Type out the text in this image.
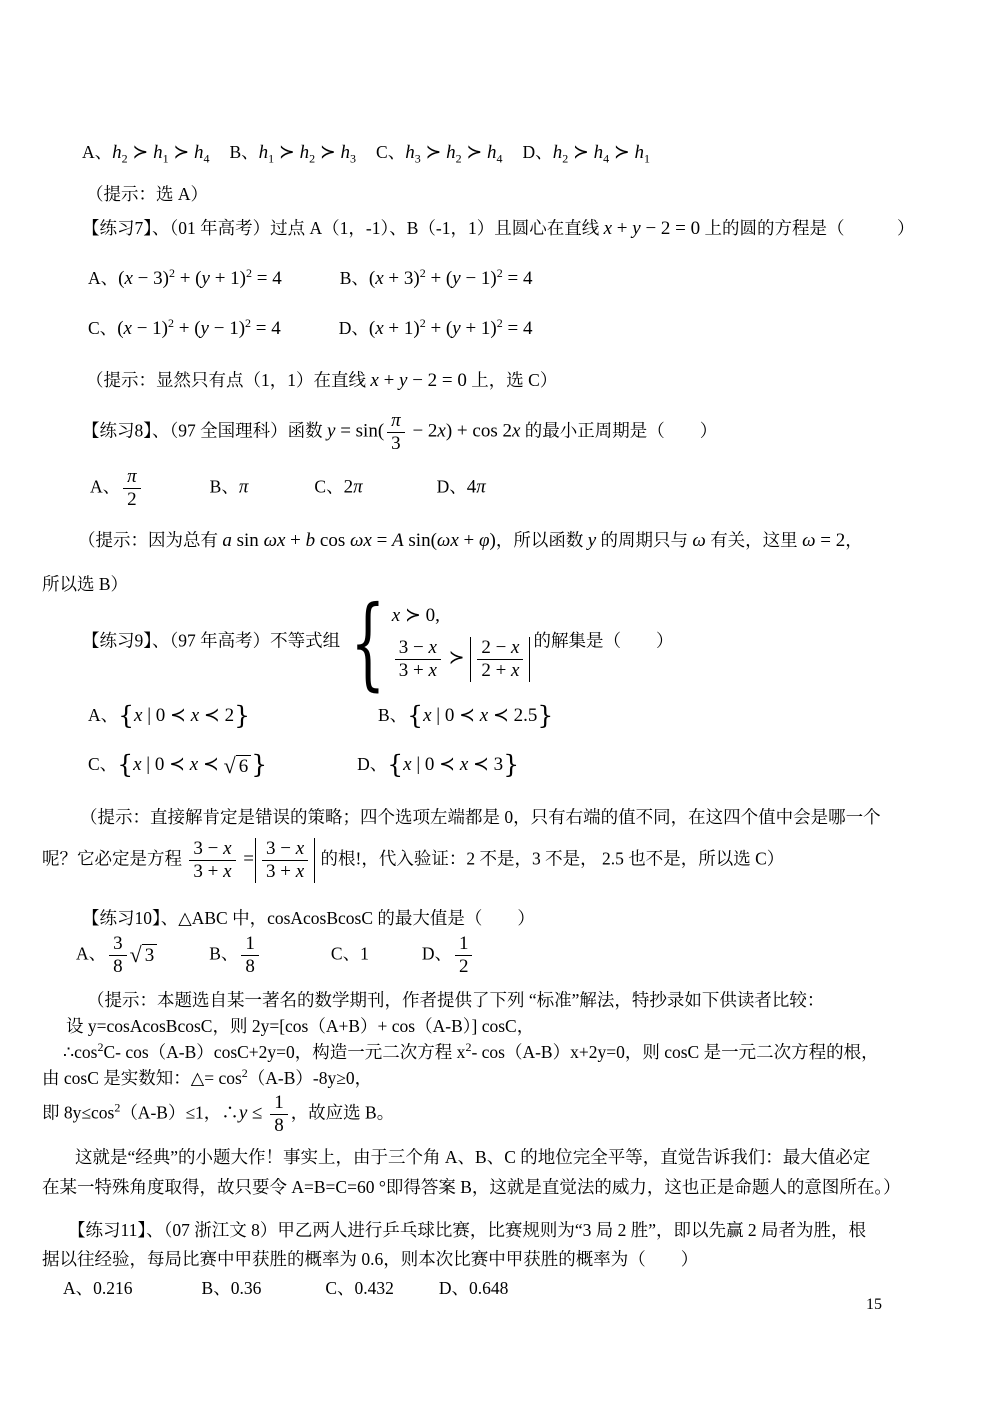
A、$h_2$ ≻ $h_1$ ≻ $h_4$ B、$h_1$ ≻ $h_2$ ≻ $h_3$ C、$h_3$ ≻ $h_2$ ≻ $h_4$ D、$h_2$ ≻ $h_4$ ≻ $h_1$
（提示：选 A）
【练习7】、（01 年高考）过点 A（1，-1）、B（-1，1）且圆心在直线 x + y − 2 = 0 上的圆的方程是（　　　）
A、$(x - 3)^2 + (y + 1)^2 = 4$	B、$(x + 3)^2 + (y - 1)^2 = 4$
C、$(x - 1)^2 + (y - 1)^2 = 4$	D、$(x + 1)^2 + (y + 1)^2 = 4$
（提示：显然只有点（1，1）在直线 x + y − 2 = 0 上，选 C）
【练习8】、（97 全国理科）函数 $y = \sin( \frac{\pi}{3} - 2x) + \cos 2x$ 的最小正周期是（　　）
A、 $\frac{\pi}{2}$	B、π	C、2π	D、4π
（提示：因为总有 a sin ωx + b cos ωx = A sin(ωx + φ)，所以函数 y 的周期只与 ω 有关，这里 ω = 2，
所以选 B）
【练习9】、（97 年高考）不等式组 { x ≻ 0,
$\frac{3 - x}{3 + x}$ ≻ $\frac{2 - x}{2 + x}$ 的解集是（　　）
A、{x | 0 ≺ x ≺ 2}	B、{x | 0 ≺ x ≺ 2.5}
C、{x | 0 ≺ x ≺ √ 6 }	D、{x | 0 ≺ x ≺ 3}
（提示：直接解肯定是错误的策略；四个选项左端都是 0，只有右端的值不同，在这四个值中会是哪一个
呢？它必定是方程 $\frac{3 - x}{3 + x} = \frac{3 - x}{3 + x}$ 的根!，代入验证：2 不是，3 不是， 2.5 也不是，所以选 C）
【练习10】、△ABC 中，cosAcosBcosC 的最大值是（　　）
A、 $\frac{3}{8}$ √ 3	B、 $\frac{1}{8}$	C、1	D、 $\frac{1}{2}$
（提示：本题选自某一著名的数学期刊，作者提供了下列 “标准”解法，特抄录如下供读者比较：
设 y=cosAcosBcosC，则 2y=[cos（A+B）+ cos（A-B）] cosC，
$\therefore\cos^2C-$ cos（A-B）cosC+2y=0，构造一元二次方程 $x^2-$ cos（A-B）x+2y=0，则 cosC 是一元二次方程的根，
由 cosC 是实数知：△= $\cos^2(A-B)-8y\ge 0$，
即 $8y\le\cos^2(A-B)\le 1$，∴y ≤ $\frac{1}{8}$ ，故应选 B。
这就是“经典”的小题大作！事实上，由于三个角 A、B、C 的地位完全平等，直觉告诉我们：最大值必定
在某一特殊角度取得，故只要令 A=B=C=60 °即得答案 B，这就是直觉法的威力，这也正是命题人的意图所在。）
【练习11】、（07 浙江文 8）甲乙两人进行乒乓球比赛，比赛规则为“3 局 2 胜”，即以先赢 2 局者为胜，根
据以往经验，每局比赛中甲获胜的概率为 0.6，则本次比赛中甲获胜的概率为（　　）
A、0.216	B、0.36	C、0.432	D、0.648
15
